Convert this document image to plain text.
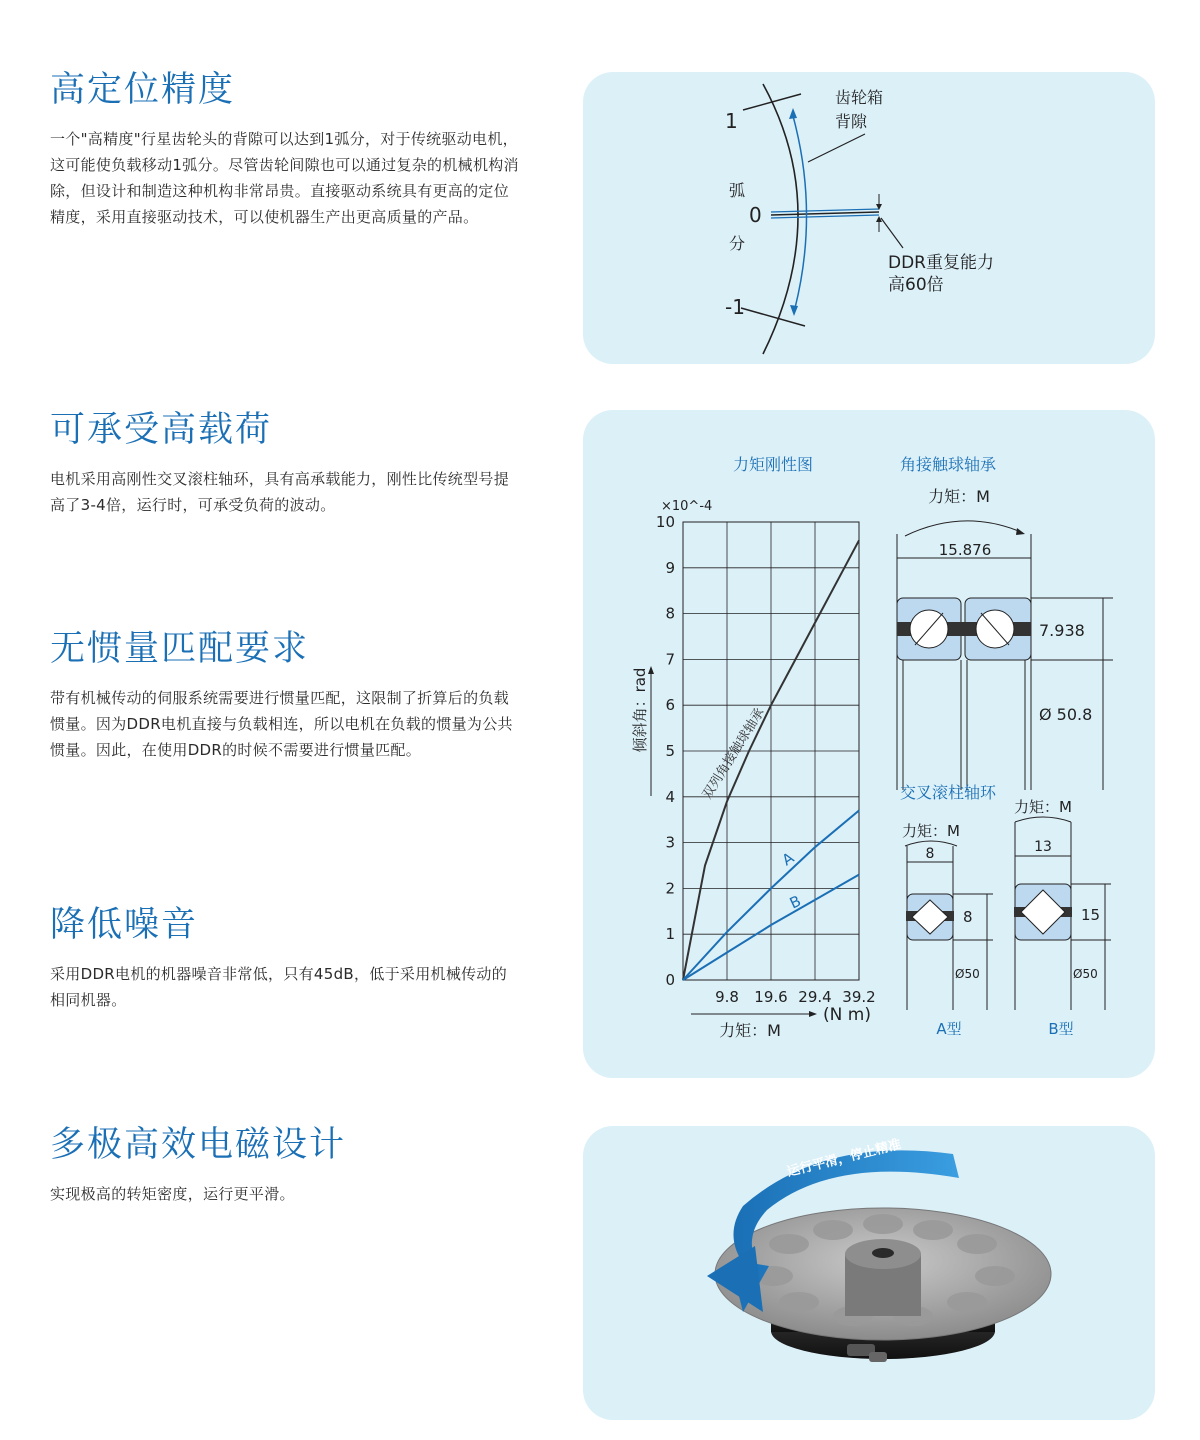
高定位精度

一个"高精度"行星齿轮头的背隙可以达到1弧分，对于传统驱动电机，这可能使负载移动1弧分。尽管齿轮间隙也可以通过复杂的机械机构消除，但设计和制造这种机构非常昂贵。直接驱动系统具有更高的定位精度，采用直接驱动技术，可以使机器生产出更高质量的产品。

可承受高载荷

电机采用高刚性交叉滚柱轴环，具有高承载能力，刚性比传统型号提高了3-4倍，运行时，可承受负荷的波动。

无惯量匹配要求

带有机械传动的伺服系统需要进行惯量匹配，这限制了折算后的负载惯量。因为DDR电机直接与负载相连，所以电机在负载的惯量为公共惯量。因此，在使用DDR的时候不需要进行惯量匹配。

降低噪音

采用DDR电机的机器噪音非常低，只有45dB，低于采用机械传动的相同机器。

多极高效电磁设计

实现极高的转矩密度，运行更平滑。

1
0
-1
弧
分
齿轮箱
背隙
DDR重复能力
高60倍
力矩刚性图
×10^-4
9.8 19.6 29.4 39.2
0
1
2
3
4
5
6
7
8
9
10
双列角接触球轴承
A
B
倾斜角：rad
(N m)
力矩：M
角接触球轴承
力矩：M
15.876
7.938
Ø 50.8
交叉滚柱轴环
力矩：M
8
8
Ø50
A型
力矩：M
13
15
Ø50
B型
运行平滑，停止精准
